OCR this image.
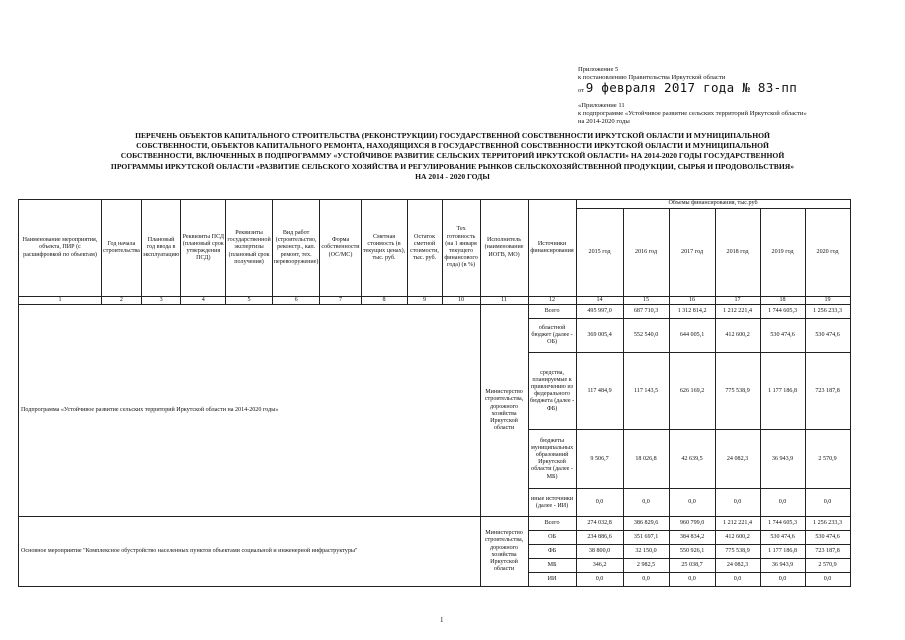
Приложение 5
к постановлению Правительства Иркутской области
от 9 февраля 2017 года № 83-пп
«Приложение 11
к подпрограмме «Устойчивое развитие сельских территорий Иркутской области»
на 2014-2020 годы
ПЕРЕЧЕНЬ ОБЪЕКТОВ КАПИТАЛЬНОГО СТРОИТЕЛЬСТВА (РЕКОНСТРУКЦИИ) ГОСУДАРСТВЕННОЙ СОБСТВЕННОСТИ ИРКУТСКОЙ ОБЛАСТИ И МУНИЦИПАЛЬНОЙ
СОБСТВЕННОСТИ, ОБЪЕКТОВ КАПИТАЛЬНОГО РЕМОНТА, НАХОДЯЩИХСЯ В ГОСУДАРСТВЕННОЙ СОБСТВЕННОСТИ ИРКУТСКОЙ ОБЛАСТИ И МУНИЦИПАЛЬНОЙ
СОБСТВЕННОСТИ, ВКЛЮЧЕННЫХ В ПОДПРОГРАММУ «УСТОЙЧИВОЕ РАЗВИТИЕ СЕЛЬСКИХ ТЕРРИТОРИЙ ИРКУТСКОЙ ОБЛАСТИ» НА 2014-2020 ГОДЫ ГОСУДАРСТВЕННОЙ
ПРОГРАММЫ ИРКУТСКОЙ ОБЛАСТИ «РАЗВИТИЕ СЕЛЬСКОГО ХОЗЯЙСТВА И РЕГУЛИРОВАНИЕ РЫНКОВ СЕЛЬСКОХОЗЯЙСТВЕННОЙ ПРОДУКЦИИ, СЫРЬЯ И ПРОДОВОЛЬСТВИЯ»
НА 2014 - 2020 ГОДЫ
Наименование мероприятия, объекта, ПИР (с расшифровкой по объектам)	Год начала строительства	Плановый год ввода в эксплуатацию	Реквизиты ПСД (плановый срок утверждения ПСД)	Реквизиты государственной экспертизы (плановый срок получения)	Вид работ (строительство, реконстр., кап. ремонт, тех. перевооружение)	Форма собственности (ОС/МС)	Сметная стоимость (в текущих ценах), тыс. руб.	Остаток сметной стоимости, тыс. руб.	Тех готовность (на 1 января текущего финансового года) (в %)	Исполнитель (наименование ИОГВ, МО)	Источники финансирования	Объемы финансирования, тыс.руб					
												2015 год	2016 год	2017 год	2018 год	2019 год	2020 год
1	2	3	4	5	6	7	8	9	10	11	12	14	15	16	17	18	19
Подпрограмма «Устойчивое развитие сельских территорий Иркутской области на 2014-2020 годы»										Министерство строительства, дорожного хозяйства Иркутской области	Всего	495 997,0	687 710,3	1 312 814,2	1 212 221,4	1 744 605,3	1 256 233,3
											областной бюджет (далее - ОБ)	369 005,4	552 540,0	644 005,1	412 600,2	530 474,6	530 474,6
											средства, планируемые к привлечению из федерального бюджета (далее - ФБ)	117 484,9	117 143,5	626 169,2	775 538,9	1 177 186,8	723 187,8
											бюджеты муниципальных образований Иркутской области (далее - МБ)	9 506,7	18 026,8	42 639,5	24 082,3	36 943,9	2 570,9
											иные источники (далее - ИИ)	0,0	0,0	0,0	0,0	0,0	0,0
Основное мероприятие "Комплексное обустройство населенных пунктов объектами социальной и инженерной инфраструктуры"										Министерство строительства, дорожного хозяйства Иркутской области	Всего	274 032,8	386 829,6	960 799,0	1 212 221,4	1 744 605,3	1 256 233,3
											ОБ	234 886,6	351 697,1	384 834,2	412 600,2	530 474,6	530 474,6
											ФБ	38 800,0	32 150,0	550 926,1	775 538,9	1 177 186,8	723 187,8
											МБ	346,2	2 982,5	25 038,7	24 082,3	36 943,9	2 570,9
											ИИ	0,0	0,0	0,0	0,0	0,0	0,0
1
